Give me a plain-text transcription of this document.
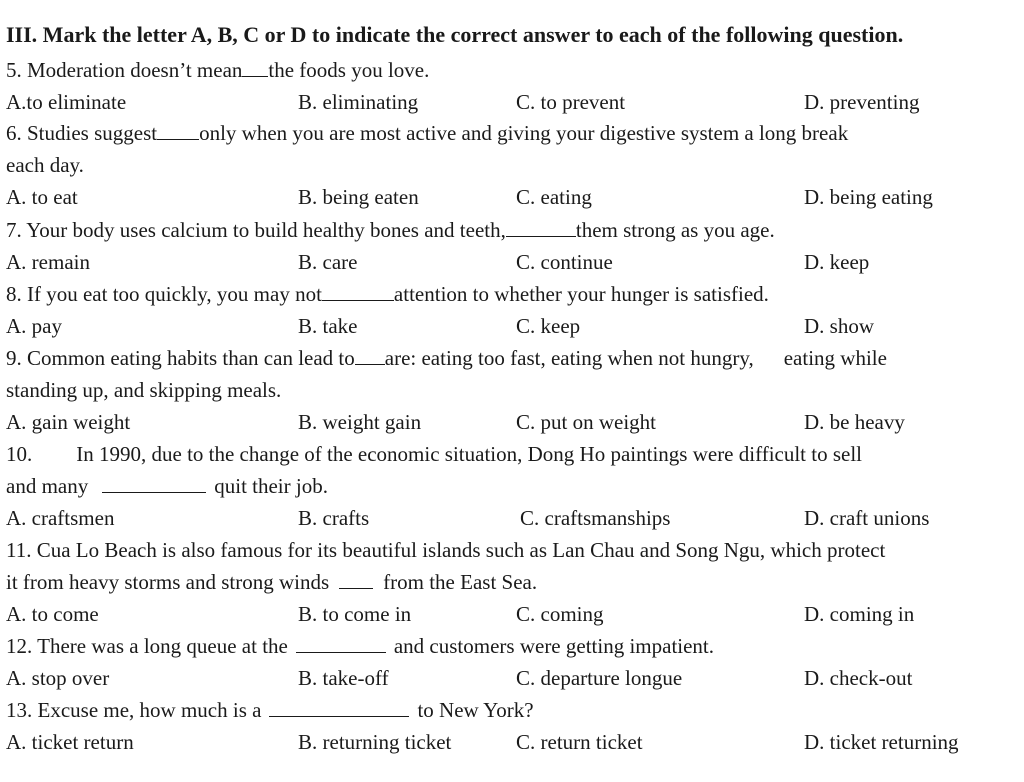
III. Mark the letter A, B, C or D to indicate the correct answer to each of the following question.
5. Moderation doesn’t mean the foods you love.
A.to eliminate	B. eliminating	C. to prevent	D. preventing
6. Studies suggest only when you are most active and giving your digestive system a long break
each day.
A. to eat	B. being eaten	C. eating	D. being eating
7. Your body uses calcium to build healthy bones and teeth,	them strong as you age.
A. remain	B. care	C. continue	D. keep
8. If you eat too quickly, you may not	attention to whether your hunger is satisfied.
A. pay	B. take	C. keep	D. show
9. Common eating habits than can lead to are: eating too fast, eating when not hungry, eating while
standing up, and skipping meals.
A. gain weight	B. weight gain	C. put on weight	D. be heavy
10. In 1990, due to the change of the economic situation, Dong Ho paintings were difficult to sell
and many	quit their job.
A. craftsmen	B. crafts	C. craftsmanships	D. craft unions
11. Cua Lo Beach is also famous for its beautiful islands such as Lan Chau and Song Ngu, which protect
it from heavy storms and strong winds	from the East Sea.
A. to come	B. to come in	C. coming	D. coming in
12. There was a long queue at the	and customers were getting impatient.
A. stop over	B. take-off	C. departure longue	D. check-out
13. Excuse me, how much is a	to New York?
A. ticket return	B. returning ticket	C. return ticket	D. ticket returning
